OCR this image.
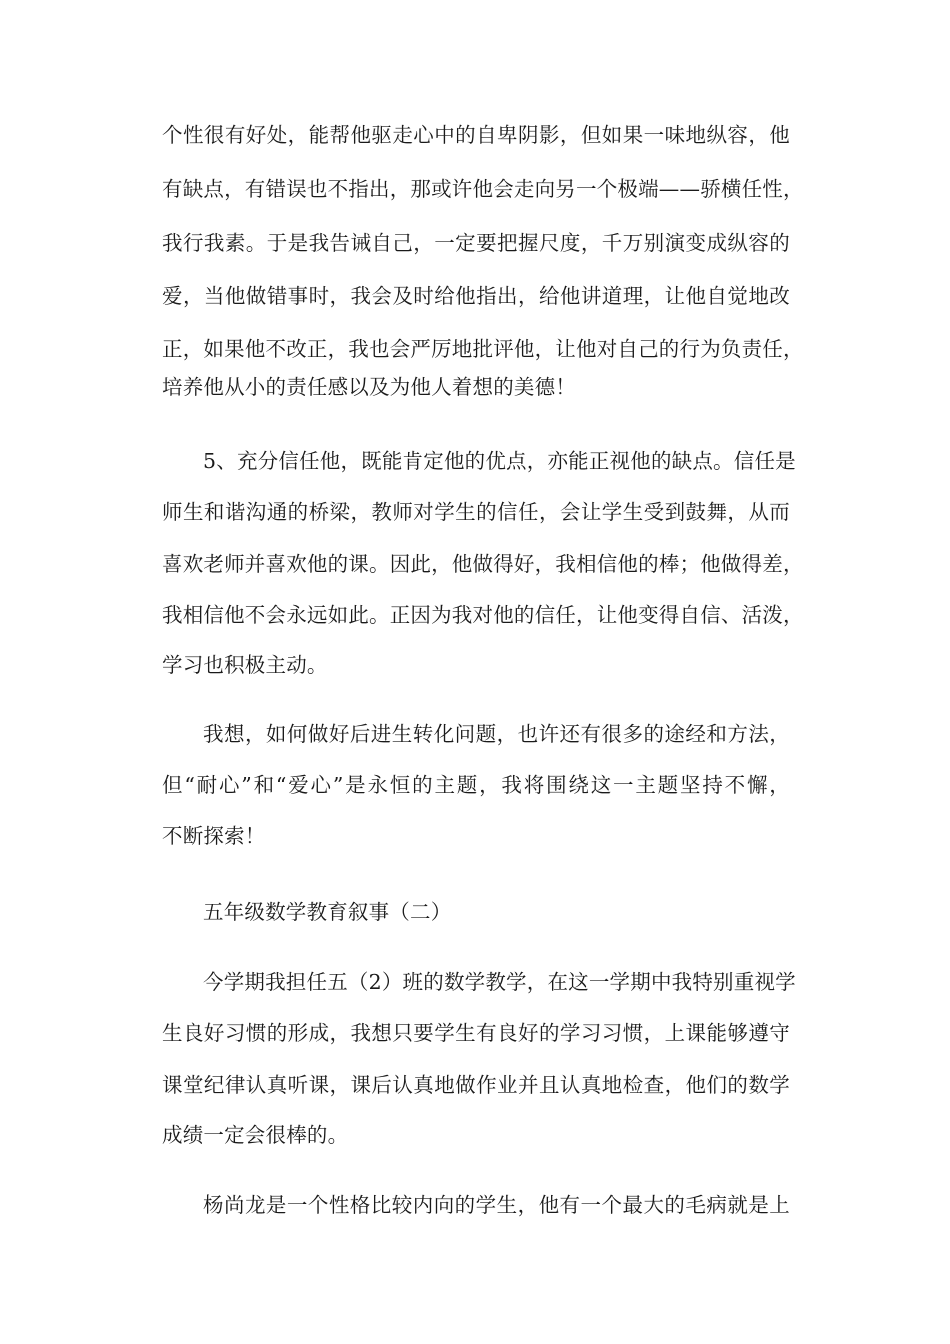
个性很有好处，能帮他驱走心中的自卑阴影，但如果一味地纵容，他
有缺点，有错误也不指出，那或许他会走向另一个极端——骄横任性，
我行我素。于是我告诫自己，一定要把握尺度，千万别演变成纵容的
爱，当他做错事时，我会及时给他指出，给他讲道理，让他自觉地改
正，如果他不改正，我也会严厉地批评他，让他对自己的行为负责任，
培养他从小的责任感以及为他人着想的美德！
5、充分信任他，既能肯定他的优点，亦能正视他的缺点。信任是
师生和谐沟通的桥梁，教师对学生的信任，会让学生受到鼓舞，从而
喜欢老师并喜欢他的课。因此，他做得好，我相信他的棒；他做得差，
我相信他不会永远如此。正因为我对他的信任，让他变得自信、活泼，
学习也积极主动。
我想，如何做好后进生转化问题，也许还有很多的途经和方法，
但“耐心”和“爱心”是永恒的主题，我将围绕这一主题坚持不懈，
不断探索！
五年级数学教育叙事（二）
今学期我担任五（2）班的数学教学，在这一学期中我特别重视学
生良好习惯的形成，我想只要学生有良好的学习习惯，上课能够遵守
课堂纪律认真听课，课后认真地做作业并且认真地检查，他们的数学
成绩一定会很棒的。
杨尚龙是一个性格比较内向的学生，他有一个最大的毛病就是上
